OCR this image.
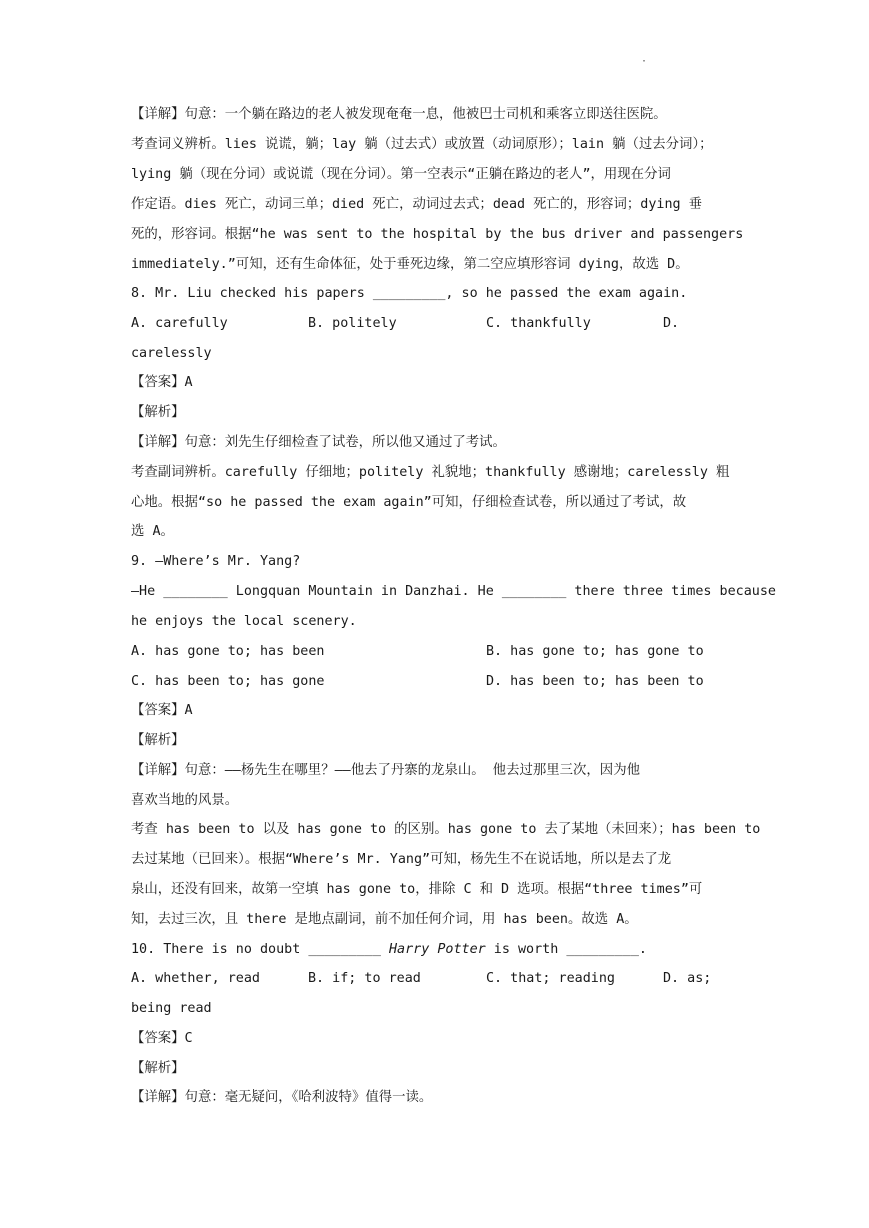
·
【详解】句意：一个躺在路边的老人被发现奄奄一息，他被巴士司机和乘客立即送往医院。
考查词义辨析。lies 说谎，躺；lay 躺（过去式）或放置（动词原形）；lain 躺（过去分词）；
lying 躺（现在分词）或说谎（现在分词）。第一空表示“正躺在路边的老人”，用现在分词
作定语。dies 死亡，动词三单；died 死亡，动词过去式；dead 死亡的，形容词；dying 垂
死的，形容词。根据“he was sent to the hospital by the bus driver and passengers
immediately.”可知，还有生命体征，处于垂死边缘，第二空应填形容词 dying，故选 D。
8. Mr. Liu checked his papers _________, so he passed the exam again.
A. carefully	B. politely	C. thankfully	D.
carelessly
【答案】A
【解析】
【详解】句意：刘先生仔细检查了试卷，所以他又通过了考试。
考查副词辨析。carefully 仔细地；politely 礼貌地；thankfully 感谢地；carelessly 粗
心地。根据“so he passed the exam again”可知，仔细检查试卷，所以通过了考试，故
选 A。
9. —Where’s Mr. Yang?
—He ________ Longquan Mountain in Danzhai. He ________ there three times because
he enjoys the local scenery.
A. has gone to; has been	B. has gone to; has gone to
C. has been to; has gone	D. has been to; has been to
【答案】A
【解析】
【详解】句意：——杨先生在哪里？——他去了丹寨的龙泉山。 他去过那里三次，因为他
喜欢当地的风景。
考查 has been to 以及 has gone to 的区别。has gone to 去了某地（未回来）；has been to
去过某地（已回来）。根据“Where’s Mr. Yang”可知，杨先生不在说话地，所以是去了龙
泉山，还没有回来，故第一空填 has gone to，排除 C 和 D 选项。根据“three times”可
知，去过三次，且 there 是地点副词，前不加任何介词，用 has been。故选 A。
10. There is no doubt _________ Harry Potter is worth _________.
A. whether, read	B. if; to read	C. that; reading	D. as;
being read
【答案】C
【解析】
【详解】句意：毫无疑问，《哈利波特》值得一读。
